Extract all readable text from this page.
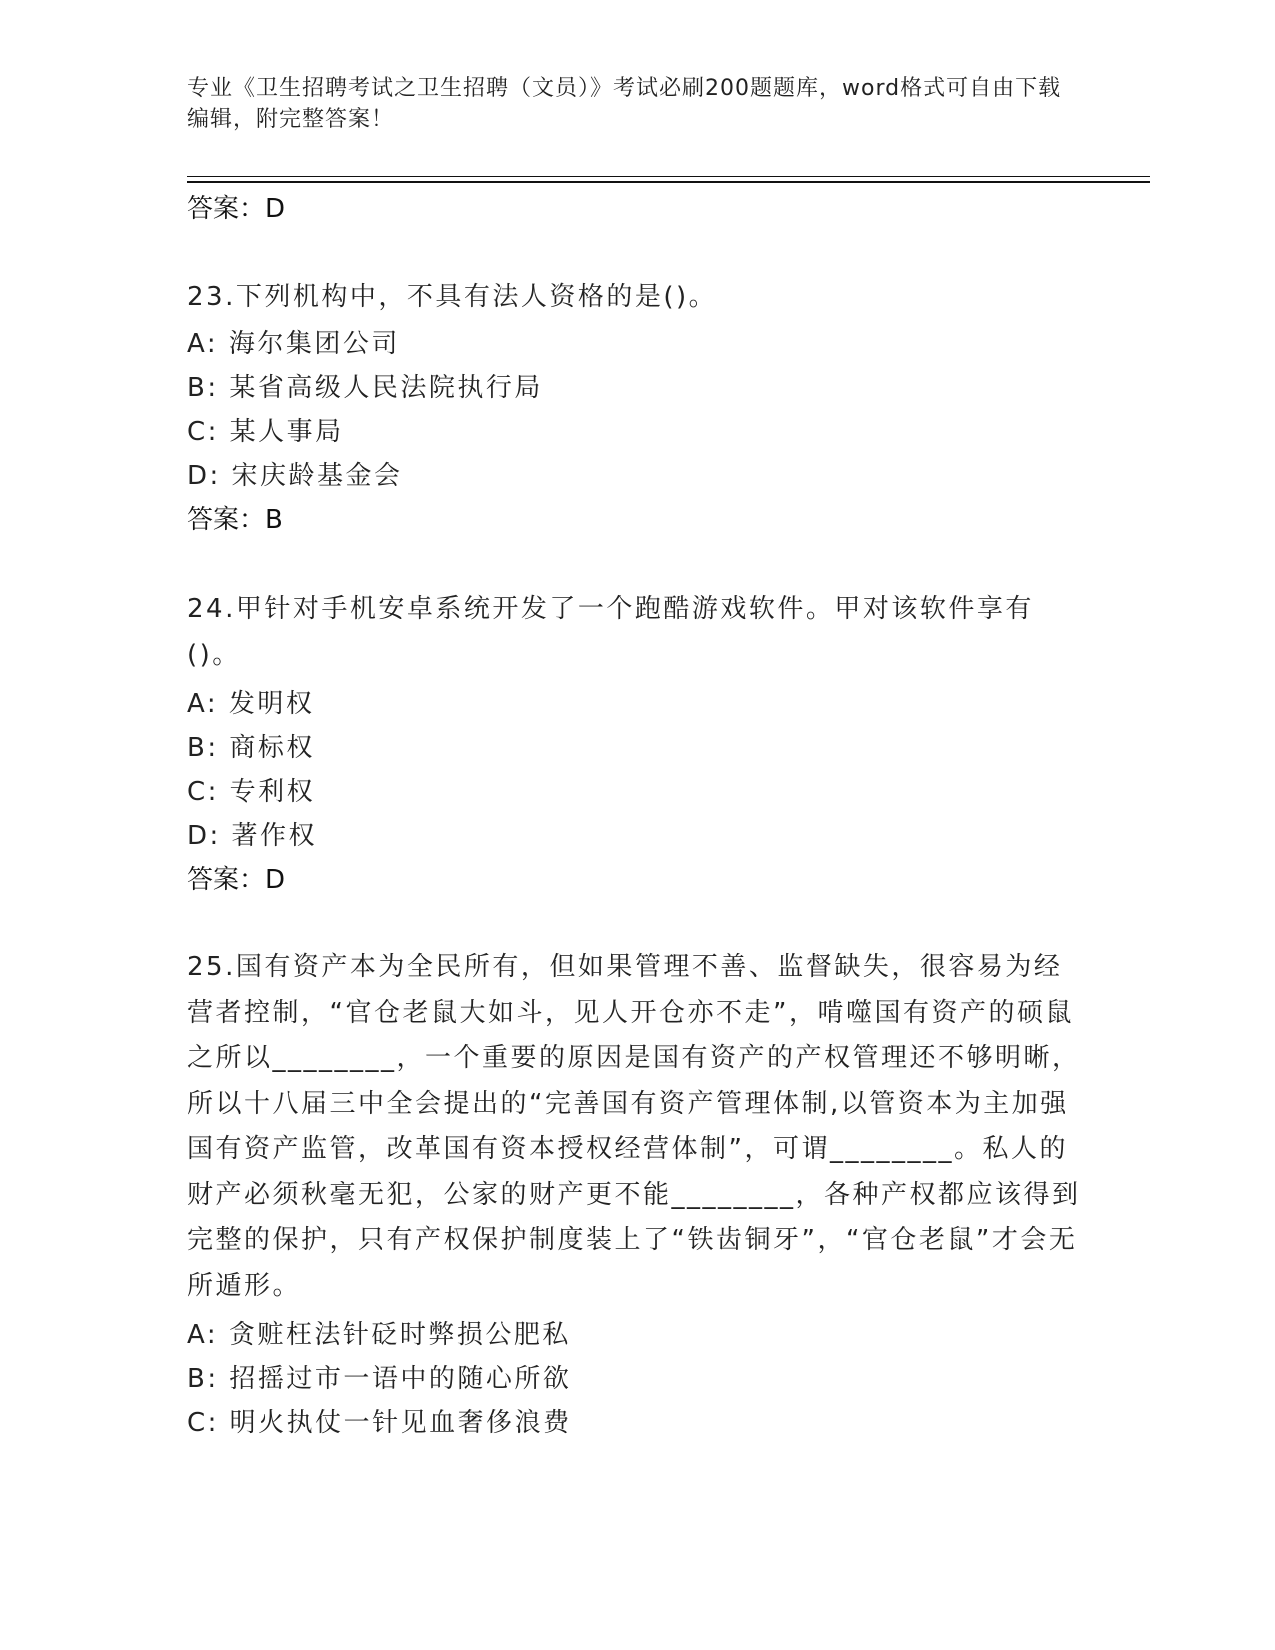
专业《卫生招聘考试之卫生招聘（文员）》考试必刷200题题库，word格式可自由下载编辑，附完整答案！
答案：D
23.下列机构中，不具有法人资格的是()。
A: 海尔集团公司
B: 某省高级人民法院执行局
C: 某人事局
D: 宋庆龄基金会
答案：B
24.甲针对手机安卓系统开发了一个跑酷游戏软件。甲对该软件享有()。
A: 发明权
B: 商标权
C: 专利权
D: 著作权
答案：D
25.国有资产本为全民所有，但如果管理不善、监督缺失，很容易为经营者控制，“官仓老鼠大如斗，见人开仓亦不走”，啃噬国有资产的硕鼠之所以________，一个重要的原因是国有资产的产权管理还不够明晰，所以十八届三中全会提出的“完善国有资产管理体制,以管资本为主加强国有资产监管，改革国有资本授权经营体制”，可谓________。私人的财产必须秋毫无犯，公家的财产更不能________，各种产权都应该得到完整的保护，只有产权保护制度装上了“铁齿铜牙”，“官仓老鼠”才会无所遁形。
A: 贪赃枉法针砭时弊损公肥私
B: 招摇过市一语中的随心所欲
C: 明火执仗一针见血奢侈浪费
